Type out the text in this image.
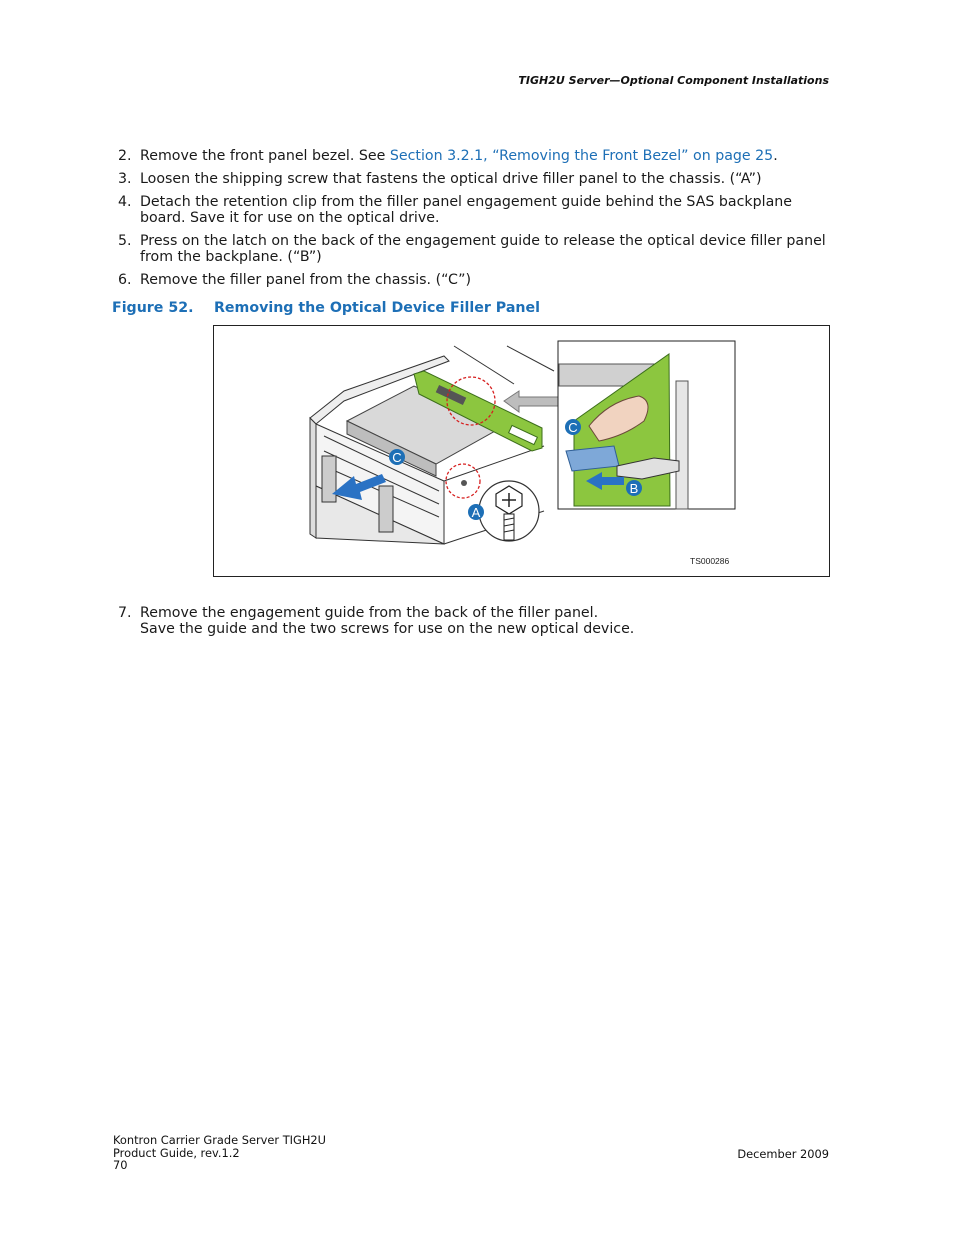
TIGH2U Server—Optional Component Installations
2. Remove the front panel bezel. See Section 3.2.1, “Removing the Front Bezel” on page 25.
3. Loosen the shipping screw that fastens the optical drive filler panel to the chassis. (“A”)
4. Detach the retention clip from the filler panel engagement guide behind the SAS backplane board. Save it for use on the optical drive.
5. Press on the latch on the back of the engagement guide to release the optical device filler panel from the backplane. (“B”)
6. Remove the filler panel from the chassis. (“C”)
7. Remove the engagement guide from the back of the filler panel.
Save the guide and the two screws for use on the new optical device.
Figure 52. Removing the Optical Device Filler Panel
C
A
C
B
TS000286
Kontron Carrier Grade Server TIGH2U
Product Guide, rev.1.2
70
December 2009
